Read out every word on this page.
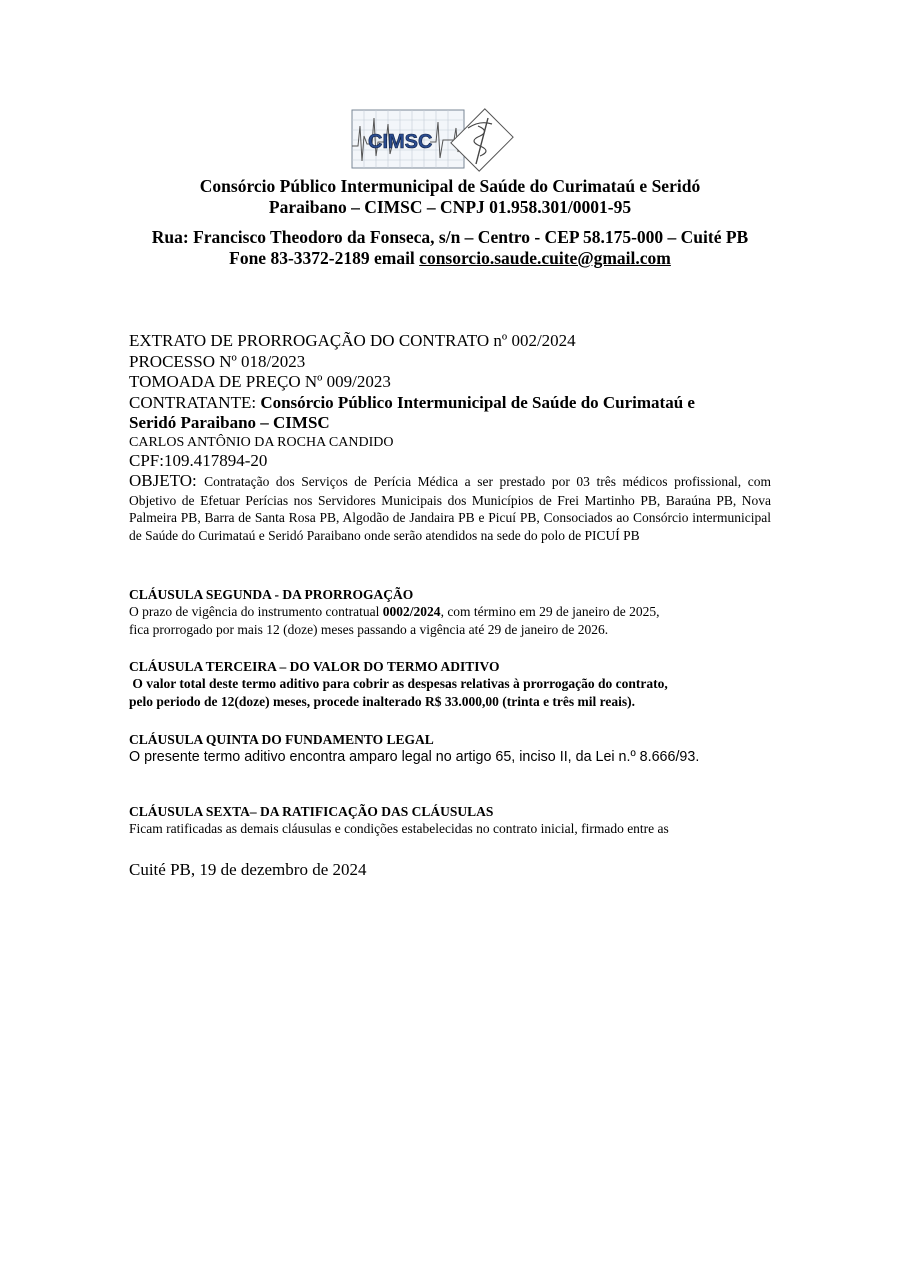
CIMSC
Consórcio Público Intermunicipal de Saúde do Curimataú e Seridó
Paraibano – CIMSC – CNPJ 01.958.301/0001-95
Rua: Francisco Theodoro da Fonseca, s/n – Centro - CEP 58.175-000 – Cuité PB
Fone 83-3372-2189 email consorcio.saude.cuite@gmail.com
EXTRATO DE PRORROGAÇÃO DO CONTRATO nº 002/2024
PROCESSO Nº 018/2023
TOMOADA DE PREÇO Nº 009/2023
CONTRATANTE: Consórcio Público Intermunicipal de Saúde do Curimataú e
Seridó Paraibano – CIMSC
CARLOS ANTÔNIO DA ROCHA CANDIDO
CPF:109.417894-20
OBJETO: Contratação dos Serviços de Perícia Médica a ser prestado por 03 três médicos profissional, com Objetivo de Efetuar Perícias nos Servidores Municipais dos Municípios de Frei Martinho PB, Baraúna PB, Nova Palmeira PB, Barra de Santa Rosa PB, Algodão de Jandaira PB e Picuí PB, Consociados ao Consórcio intermunicipal de Saúde do Curimataú e Seridó Paraibano onde serão atendidos na sede do polo de PICUÍ PB
CLÁUSULA SEGUNDA - DA PRORROGAÇÃO
O prazo de vigência do instrumento contratual 0002/2024, com término em 29 de janeiro de 2025,
fica prorrogado por mais 12 (doze) meses passando a vigência até 29 de janeiro de 2026.
CLÁUSULA TERCEIRA – DO VALOR DO TERMO ADITIVO
O valor total deste termo aditivo para cobrir as despesas relativas à prorrogação do contrato,
pelo periodo de 12(doze) meses, procede inalterado R$ 33.000,00 (trinta e três mil reais).
CLÁUSULA QUINTA DO FUNDAMENTO LEGAL
O presente termo aditivo encontra amparo legal no artigo 65, inciso II, da Lei n.º 8.666/93.
CLÁUSULA SEXTA– DA RATIFICAÇÃO DAS CLÁUSULAS
Ficam ratificadas as demais cláusulas e condições estabelecidas no contrato inicial, firmado entre as
Cuité PB, 19 de dezembro de 2024
